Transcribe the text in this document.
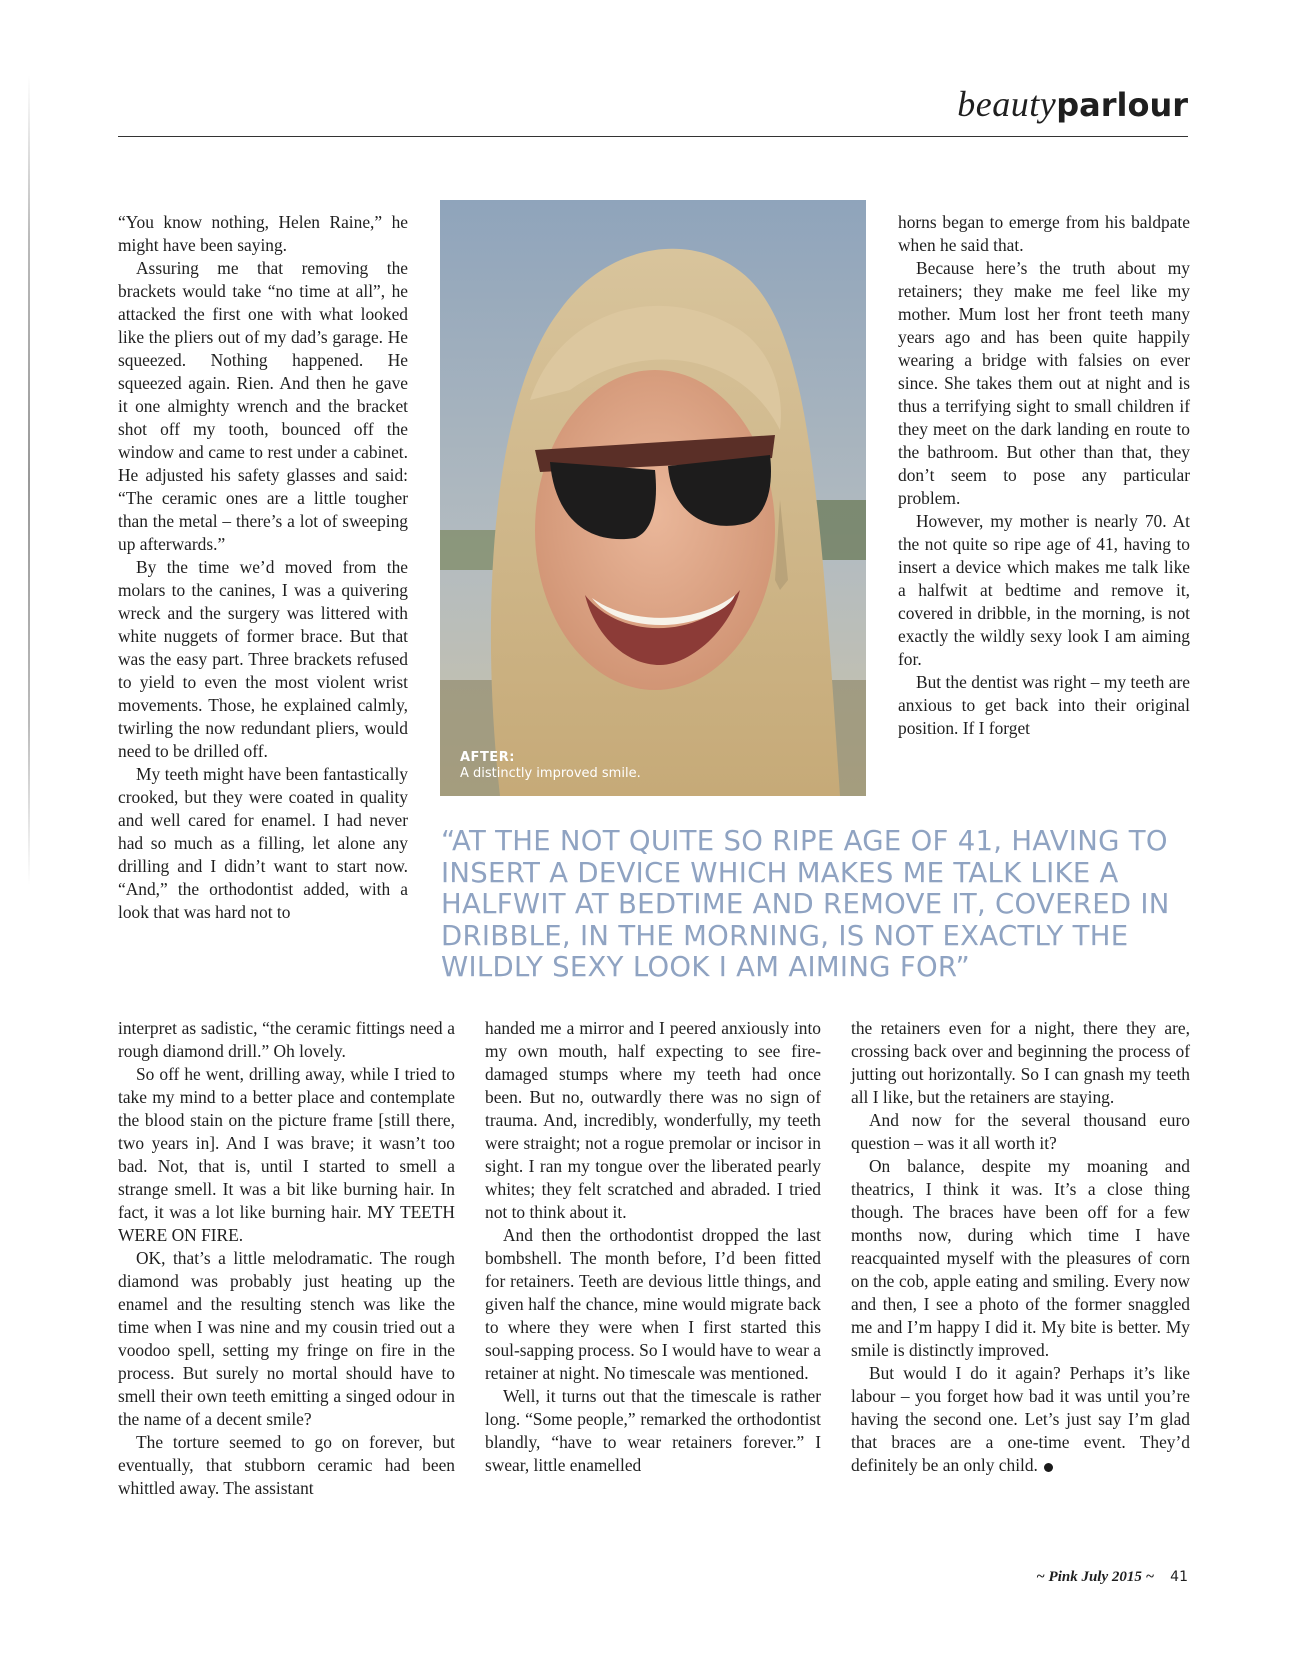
beautyparlour

“You know nothing, Helen Raine,” he might have been saying.

Assuring me that removing the brackets would take “no time at all”, he attacked the first one with what looked like the pliers out of my dad’s garage. He squeezed. Nothing happened. He squeezed again. Rien. And then he gave it one almighty wrench and the bracket shot off my tooth, bounced off the window and came to rest under a cabinet. He adjusted his safety glasses and said: “The ceramic ones are a little tougher than the metal – there’s a lot of sweeping up afterwards.”

By the time we’d moved from the molars to the canines, I was a quivering wreck and the surgery was littered with white nuggets of former brace. But that was the easy part. Three brackets refused to yield to even the most violent wrist movements. Those, he explained calmly, twirling the now redundant pliers, would need to be drilled off.

My teeth might have been fantastically crooked, but they were coated in quality and well cared for enamel. I had never had so much as a filling, let alone any drilling and I didn’t want to start now. “And,” the orthodontist added, with a look that was hard not to

AFTER:
A distinctly improved smile.

horns began to emerge from his baldpate when he said that.

Because here’s the truth about my retainers; they make me feel like my mother. Mum lost her front teeth many years ago and has been quite happily wearing a bridge with falsies on ever since. She takes them out at night and is thus a terrifying sight to small children if they meet on the dark landing en route to the bathroom. But other than that, they don’t seem to pose any particular problem.

However, my mother is nearly 70. At the not quite so ripe age of 41, having to insert a device which makes me talk like a halfwit at bedtime and remove it, covered in dribble, in the morning, is not exactly the wildly sexy look I am aiming for.

But the dentist was right – my teeth are anxious to get back into their original position. If I forget

“AT THE NOT QUITE SO RIPE AGE OF 41, HAVING TO INSERT A DEVICE WHICH MAKES ME TALK LIKE A HALFWIT AT BEDTIME AND REMOVE IT, COVERED IN DRIBBLE, IN THE MORNING, IS NOT EXACTLY THE WILDLY SEXY LOOK I AM AIMING FOR”

interpret as sadistic, “the ceramic fittings need a rough diamond drill.” Oh lovely.

So off he went, drilling away, while I tried to take my mind to a better place and contemplate the blood stain on the picture frame [still there, two years in]. And I was brave; it wasn’t too bad. Not, that is, until I started to smell a strange smell. It was a bit like burning hair. In fact, it was a lot like burning hair. MY TEETH WERE ON FIRE.

OK, that’s a little melodramatic. The rough diamond was probably just heating up the enamel and the resulting stench was like the time when I was nine and my cousin tried out a voodoo spell, setting my fringe on fire in the process. But surely no mortal should have to smell their own teeth emitting a singed odour in the name of a decent smile?

The torture seemed to go on forever, but eventually, that stubborn ceramic had been whittled away. The assistant

handed me a mirror and I peered anxiously into my own mouth, half expecting to see fire-damaged stumps where my teeth had once been. But no, outwardly there was no sign of trauma. And, incredibly, wonderfully, my teeth were straight; not a rogue premolar or incisor in sight. I ran my tongue over the liberated pearly whites; they felt scratched and abraded. I tried not to think about it.

And then the orthodontist dropped the last bombshell. The month before, I’d been fitted for retainers. Teeth are devious little things, and given half the chance, mine would migrate back to where they were when I first started this soul-sapping process. So I would have to wear a retainer at night. No timescale was mentioned.

Well, it turns out that the timescale is rather long. “Some people,” remarked the orthodontist blandly, “have to wear retainers forever.” I swear, little enamelled

the retainers even for a night, there they are, crossing back over and beginning the process of jutting out horizontally. So I can gnash my teeth all I like, but the retainers are staying.

And now for the several thousand euro question – was it all worth it?

On balance, despite my moaning and theatrics, I think it was. It’s a close thing though. The braces have been off for a few months now, during which time I have reacquainted myself with the pleasures of corn on the cob, apple eating and smiling. Every now and then, I see a photo of the former snaggled me and I’m happy I did it. My bite is better. My smile is distinctly improved.

But would I do it again? Perhaps it’s like labour – you forget how bad it was until you’re having the second one. Let’s just say I’m glad that braces are a one-time event. They’d definitely be an only child.

~ Pink July 2015 ~ 41
